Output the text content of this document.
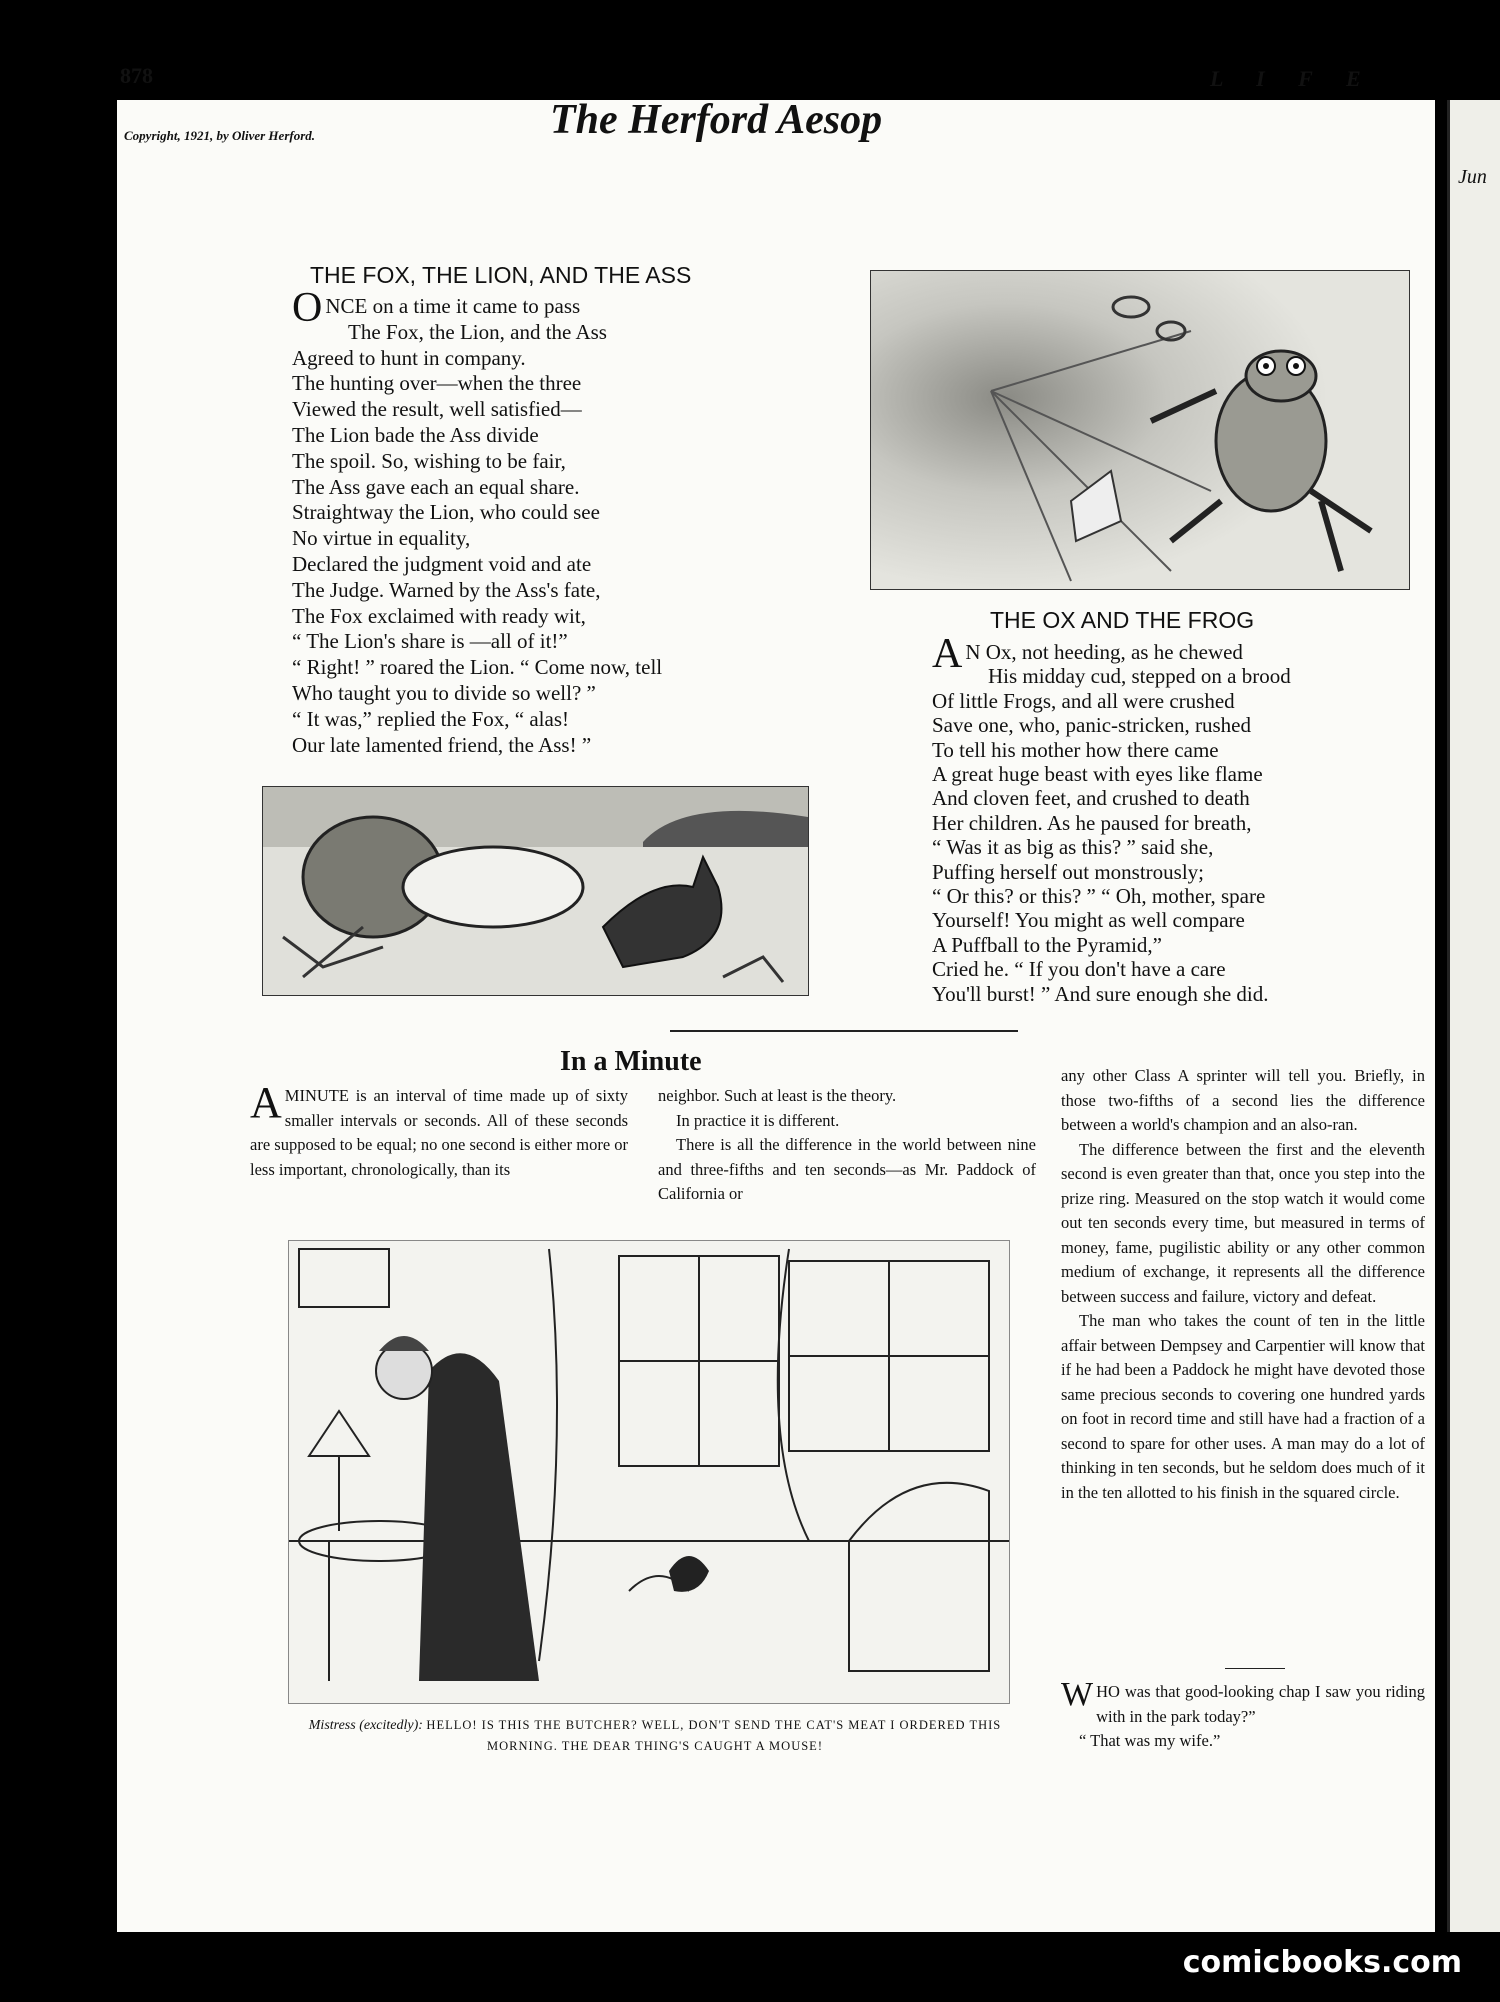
Jun
878	L I F E
Copyright, 1921, by Oliver Herford.	The Herford Aesop
THE FOX, THE LION, AND THE ASS
O NCE on a time it came to pass
The Fox, the Lion, and the Ass
Agreed to hunt in company.
The hunting over—when the three
Viewed the result, well satisfied—
The Lion bade the Ass divide
The spoil. So, wishing to be fair,
The Ass gave each an equal share.
Straightway the Lion, who could see
No virtue in equality,
Declared the judgment void and ate
The Judge. Warned by the Ass's fate,
The Fox exclaimed with ready wit,
“ The Lion's share is —all of it!”
“ Right! ” roared the Lion. “ Come now, tell
Who taught you to divide so well? ”
“ It was,” replied the Fox, “ alas!
Our late lamented friend, the Ass! ”
THE OX AND THE FROG
A N Ox, not heeding, as he chewed
His midday cud, stepped on a brood
Of little Frogs, and all were crushed
Save one, who, panic-stricken, rushed
To tell his mother how there came
A great huge beast with eyes like flame
And cloven feet, and crushed to death
Her children. As he paused for breath,
“ Was it as big as this? ” said she,
Puffing herself out monstrously;
“ Or this? or this? ” “ Oh, mother, spare
Yourself! You might as well compare
A Puffball to the Pyramid,”
Cried he. “ If you don't have a care
You'll burst! ” And sure enough she did.
In a Minute
AMINUTE is an interval of time made up of sixty smaller intervals or seconds. All of these seconds are supposed to be equal; no one second is either more or less important, chronologically, than its

neighbor. Such at least is the theory.

In practice it is different.

There is all the difference in the world between nine and three-fifths and ten seconds—as Mr. Paddock of California or

any other Class A sprinter will tell you. Briefly, in those two-fifths of a second lies the difference between a world's champion and an also-ran.

The difference between the first and the eleventh second is even greater than that, once you step into the prize ring. Measured on the stop watch it would come out ten seconds every time, but measured in terms of money, fame, pugilistic ability or any other common medium of exchange, it represents all the difference between success and failure, victory and defeat.

The man who takes the count of ten in the little affair between Dempsey and Carpentier will know that if he had been a Paddock he might have devoted those same precious seconds to covering one hundred yards on foot in record time and still have had a fraction of a second to spare for other uses. A man may do a lot of thinking in ten seconds, but he seldom does much of it in the ten allotted to his finish in the squared circle.

WHO was that good-looking chap I saw you riding with in the park today?”

“ That was my wife.”

Mistress (excitedly): HELLO! IS THIS THE BUTCHER? WELL, DON'T SEND THE CAT'S MEAT I ORDERED THIS MORNING. THE DEAR THING'S CAUGHT A MOUSE!
comicbooks.com
